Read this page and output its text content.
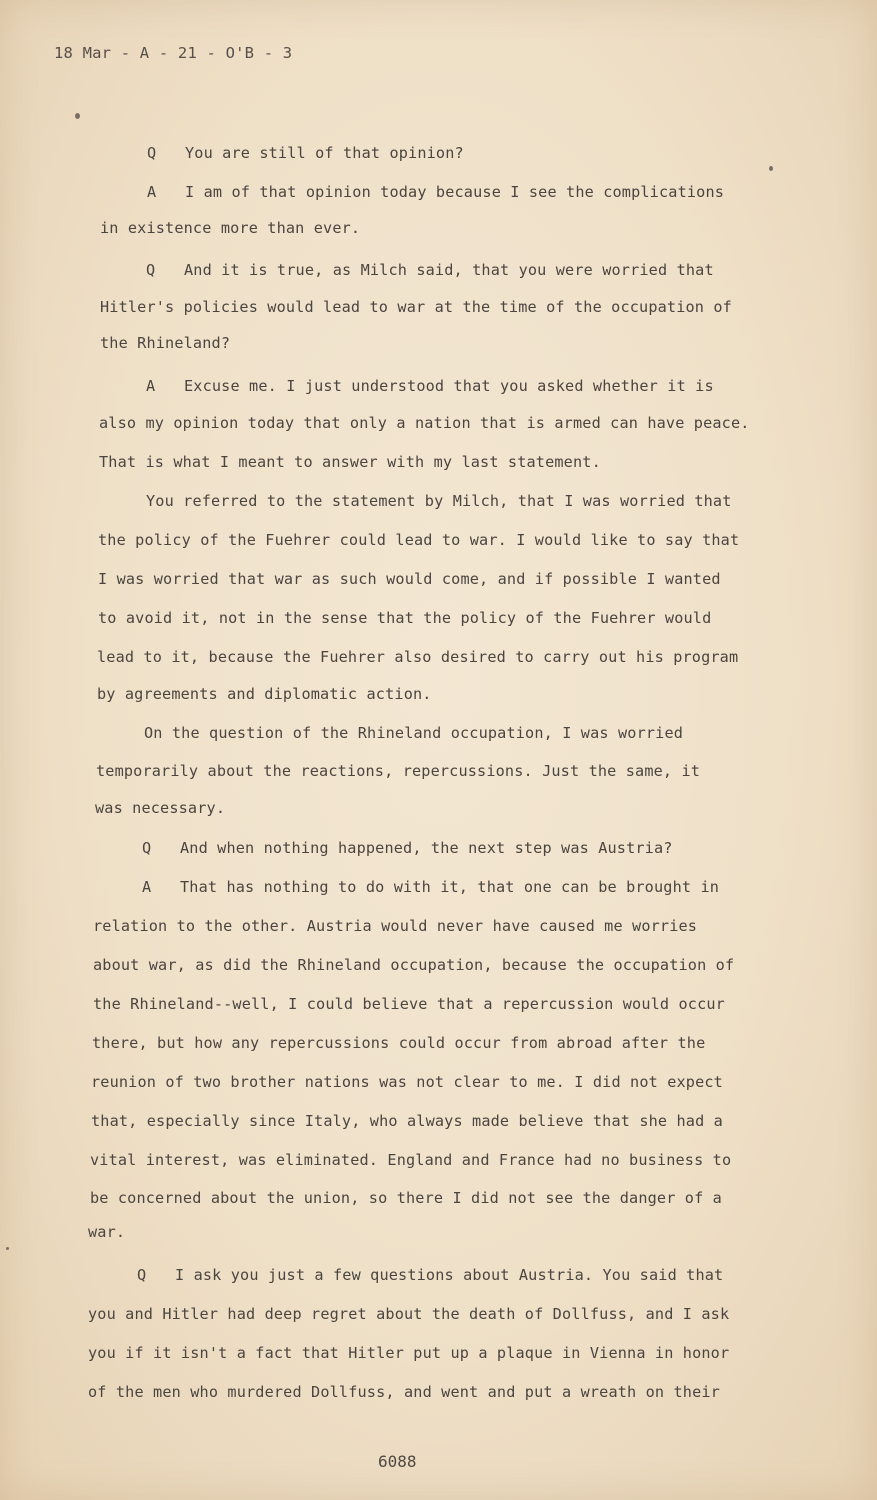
18 Mar - A - 21 - O'B - 3
Q You are still of that opinion?
A I am of that opinion today because I see the complications
in existence more than ever.
Q And it is true, as Milch said, that you were worried that
Hitler's policies would lead to war at the time of the occupation of
the Rhineland?
A Excuse me. I just understood that you asked whether it is
also my opinion today that only a nation that is armed can have peace.
That is what I meant to answer with my last statement.
You referred to the statement by Milch, that I was worried that
the policy of the Fuehrer could lead to war. I would like to say that
I was worried that war as such would come, and if possible I wanted
to avoid it, not in the sense that the policy of the Fuehrer would
lead to it, because the Fuehrer also desired to carry out his program
by agreements and diplomatic action.
On the question of the Rhineland occupation, I was worried
temporarily about the reactions, repercussions. Just the same, it
was necessary.
Q And when nothing happened, the next step was Austria?
A That has nothing to do with it, that one can be brought in
relation to the other. Austria would never have caused me worries
about war, as did the Rhineland occupation, because the occupation of
the Rhineland--well, I could believe that a repercussion would occur
there, but how any repercussions could occur from abroad after the
reunion of two brother nations was not clear to me. I did not expect
that, especially since Italy, who always made believe that she had a
vital interest, was eliminated. England and France had no business to
be concerned about the union, so there I did not see the danger of a
war.
Q I ask you just a few questions about Austria. You said that
you and Hitler had deep regret about the death of Dollfuss, and I ask
you if it isn't a fact that Hitler put up a plaque in Vienna in honor
of the men who murdered Dollfuss, and went and put a wreath on their
6088
